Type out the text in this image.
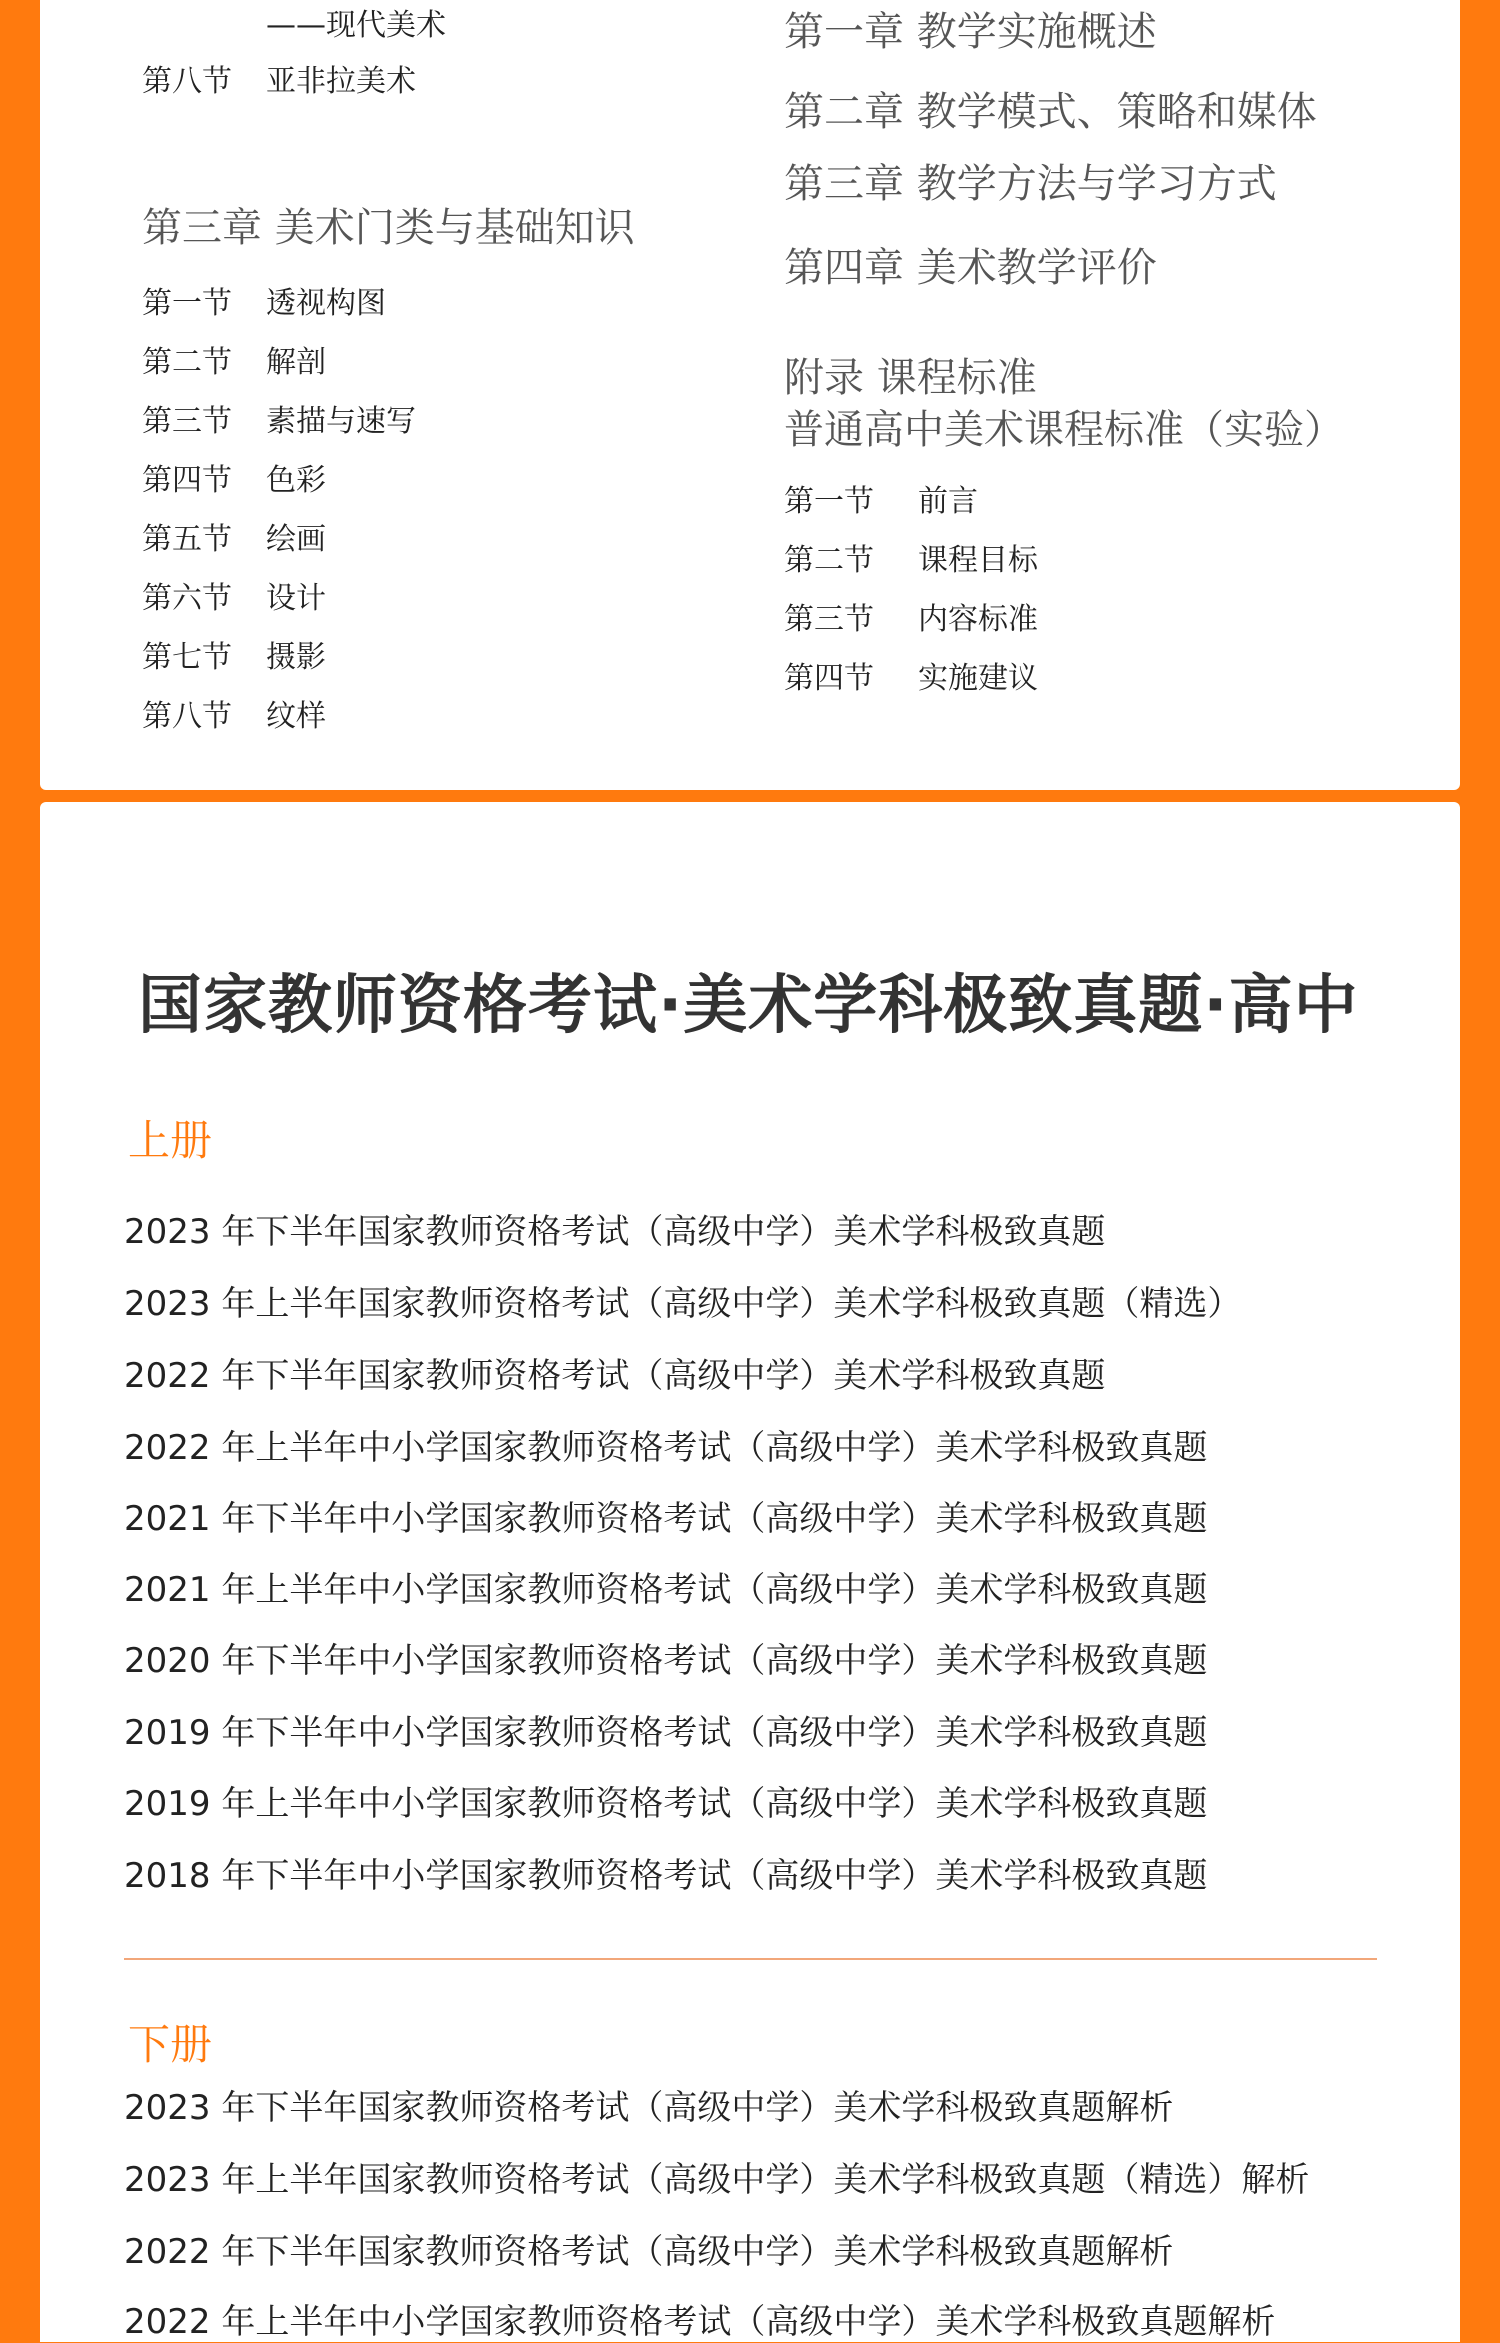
——现代美术
第八节 亚非拉美术
第三章 美术门类与基础知识
第一节 透视构图
第二节 解剖
第三节 素描与速写
第四节 色彩
第五节 绘画
第六节 设计
第七节 摄影
第八节 纹样
第一章 教学实施概述
第二章 教学模式、策略和媒体
第三章 教学方法与学习方式
第四章 美术教学评价
附录 课程标准
普通高中美术课程标准（实验）
第一节 前言
第二节 课程目标
第三节 内容标准
第四节 实施建议
国家教师资格考试·美术学科极致真题·高中
上册
2023 年下半年国家教师资格考试（高级中学）美术学科极致真题
2023 年上半年国家教师资格考试（高级中学）美术学科极致真题（精选）
2022 年下半年国家教师资格考试（高级中学）美术学科极致真题
2022 年上半年中小学国家教师资格考试（高级中学）美术学科极致真题
2021 年下半年中小学国家教师资格考试（高级中学）美术学科极致真题
2021 年上半年中小学国家教师资格考试（高级中学）美术学科极致真题
2020 年下半年中小学国家教师资格考试（高级中学）美术学科极致真题
2019 年下半年中小学国家教师资格考试（高级中学）美术学科极致真题
2019 年上半年中小学国家教师资格考试（高级中学）美术学科极致真题
2018 年下半年中小学国家教师资格考试（高级中学）美术学科极致真题
下册
2023 年下半年国家教师资格考试（高级中学）美术学科极致真题解析
2023 年上半年国家教师资格考试（高级中学）美术学科极致真题（精选）解析
2022 年下半年国家教师资格考试（高级中学）美术学科极致真题解析
2022 年上半年中小学国家教师资格考试（高级中学）美术学科极致真题解析
